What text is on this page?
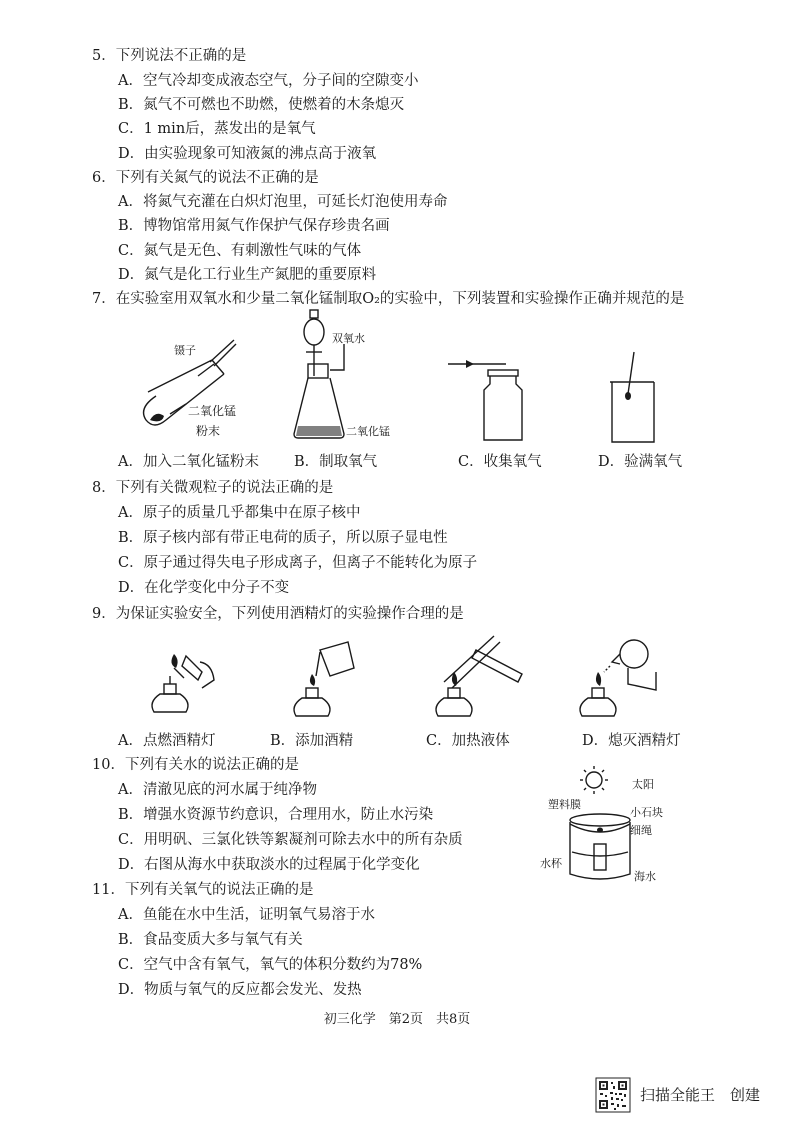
5．下列说法不正确的是
A．空气冷却变成液态空气，分子间的空隙变小
B．氮气不可燃也不助燃，使燃着的木条熄灭
C．1 min后，蒸发出的是氧气
D．由实验现象可知液氮的沸点高于液氧
6．下列有关氮气的说法不正确的是
A．将氮气充灌在白炽灯泡里，可延长灯泡使用寿命
B．博物馆常用氮气作保护气保存珍贵名画
C．氮气是无色、有刺激性气味的气体
D．氮气是化工行业生产氮肥的重要原料
7．在实验室用双氧水和少量二氧化锰制取O₂的实验中，下列装置和实验操作正确并规范的是
镊子
二氧化锰
粉末
双氧水
二氧化锰
A．加入二氧化锰粉末 B．制取氧气	C．收集氧气	D．验满氧气
8．下列有关微观粒子的说法正确的是
A．原子的质量几乎都集中在原子核中
B．原子核内部有带正电荷的质子，所以原子显电性
C．原子通过得失电子形成离子，但离子不能转化为原子
D．在化学变化中分子不变
9．为保证实验安全，下列使用酒精灯的实验操作合理的是
A．点燃酒精灯	B．添加酒精	C．加热液体	D．熄灭酒精灯
10．下列有关水的说法正确的是
A．清澈见底的河水属于纯净物
B．增强水资源节约意识，合理用水，防止水污染
C．用明矾、三氯化铁等絮凝剂可除去水中的所有杂质
D．右图从海水中获取淡水的过程属于化学变化
太阳
塑料膜
小石块
细绳
水杯
海水
11．下列有关氧气的说法正确的是
A．鱼能在水中生活，证明氧气易溶于水
B．食品变质大多与氧气有关
C．空气中含有氧气，氧气的体积分数约为78%
D．物质与氧气的反应都会发光、发热
初三化学　第2页　共8页
扫描全能王　创建
